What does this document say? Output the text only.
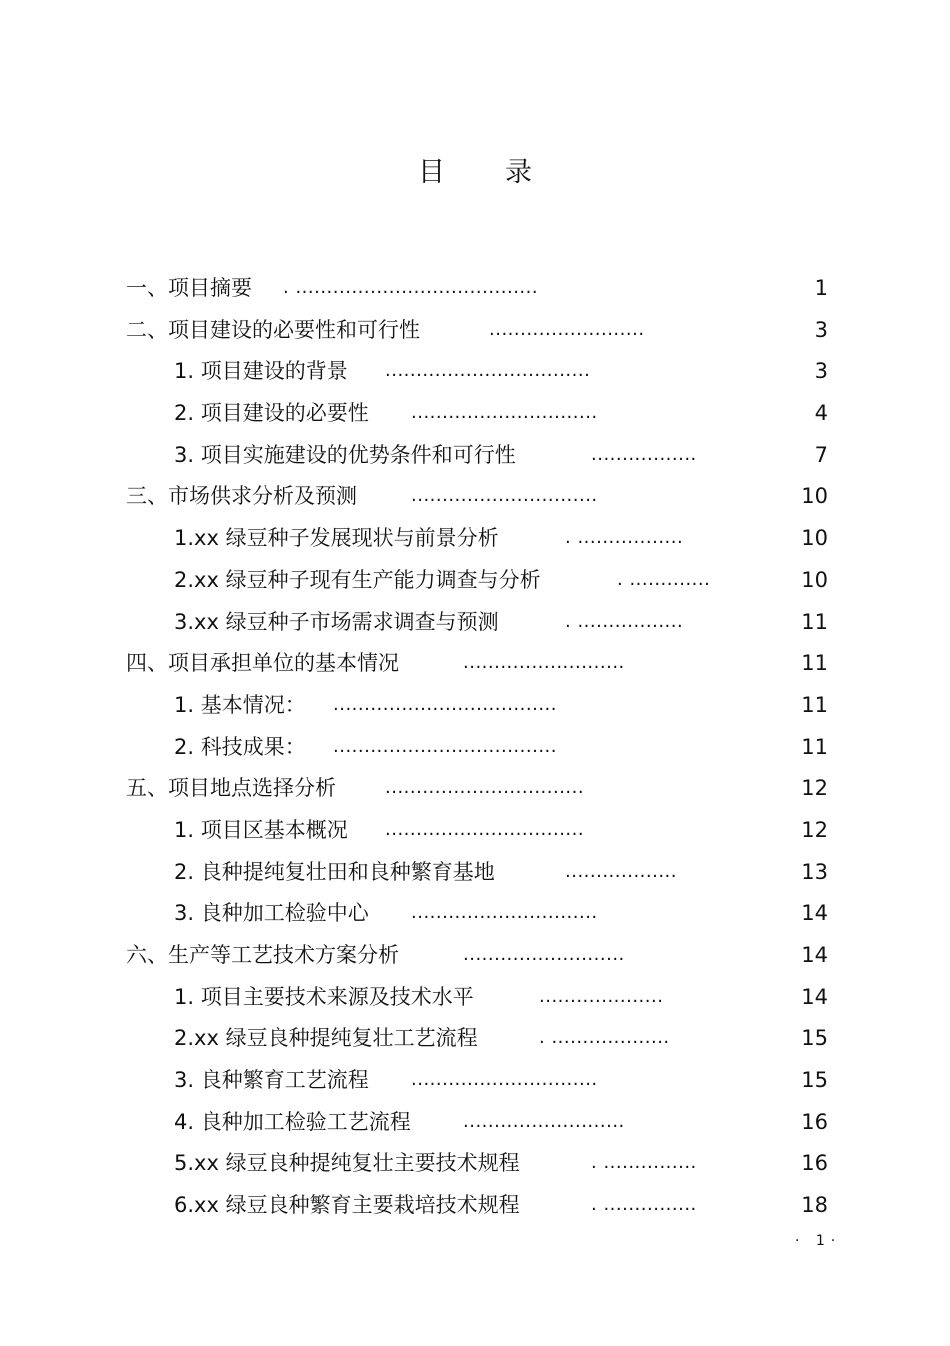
目 录
一、项目摘要 . .......................................	1
二、项目建设的必要性和可行性	.........................	3
1. 项目建设的背景 .................................	3
2. 项目建设的必要性 ..............................	4
3. 项目实施建设的优势条件和可行性	.................	7
三、市场供求分析及预测	..............................	10
1.xx 绿豆种子发展现状与前景分析	. .................	10
2.xx 绿豆种子现有生产能力调查与分析	. .............	10
3.xx 绿豆种子市场需求调查与预测	. .................	11
四、项目承担单位的基本情况	..........................	11
1. 基本情况： ....................................	11
2. 科技成果： ....................................	11
五、项目地点选择分析	................................	12
1. 项目区基本概况 ................................	12
2. 良种提纯复壮田和良种繁育基地	..................	13
3. 良种加工检验中心 ..............................	14
六、生产等工艺技术方案分析	..........................	14
1. 项目主要技术来源及技术水平	....................	14
2.xx 绿豆良种提纯复壮工艺流程	. ...................	15
3. 良种繁育工艺流程 ..............................	15
4. 良种加工检验工艺流程	..........................	16
5.xx 绿豆良种提纯复壮主要技术规程	. ...............	16
6.xx 绿豆良种繁育主要栽培技术规程	. ...............	18
· 1·
